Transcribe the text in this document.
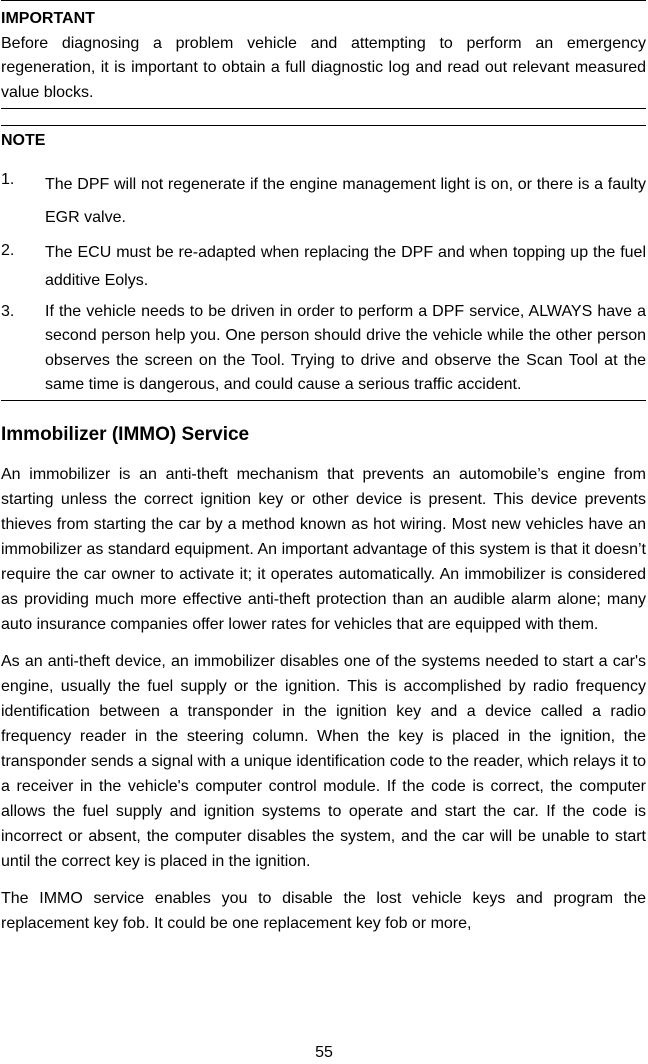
IMPORTANT

Before diagnosing a problem vehicle and attempting to perform an emergency regeneration, it is important to obtain a full diagnostic log and read out relevant measured value blocks.

NOTE

1.	The DPF will not regenerate if the engine management light is on, or there is a faulty EGR valve.
2.	The ECU must be re-adapted when replacing the DPF and when topping up the fuel additive Eolys.
3.	If the vehicle needs to be driven in order to perform a DPF service, ALWAYS have a second person help you. One person should drive the vehicle while the other person observes the screen on the Tool. Trying to drive and observe the Scan Tool at the same time is dangerous, and could cause a serious traffic accident.
Immobilizer (IMMO) Service

An immobilizer is an anti-theft mechanism that prevents an automobile’s engine from starting unless the correct ignition key or other device is present. This device prevents thieves from starting the car by a method known as hot wiring. Most new vehicles have an immobilizer as standard equipment. An important advantage of this system is that it doesn’t require the car owner to activate it; it operates automatically. An immobilizer is considered as providing much more effective anti-theft protection than an audible alarm alone; many auto insurance companies offer lower rates for vehicles that are equipped with them.

As an anti-theft device, an immobilizer disables one of the systems needed to start a car's engine, usually the fuel supply or the ignition. This is accomplished by radio frequency identification between a transponder in the ignition key and a device called a radio frequency reader in the steering column. When the key is placed in the ignition, the transponder sends a signal with a unique identification code to the reader, which relays it to a receiver in the vehicle's computer control module. If the code is correct, the computer allows the fuel supply and ignition systems to operate and start the car. If the code is incorrect or absent, the computer disables the system, and the car will be unable to start until the correct key is placed in the ignition.

The IMMO service enables you to disable the lost vehicle keys and program the replacement key fob. It could be one replacement key fob or more,

55
